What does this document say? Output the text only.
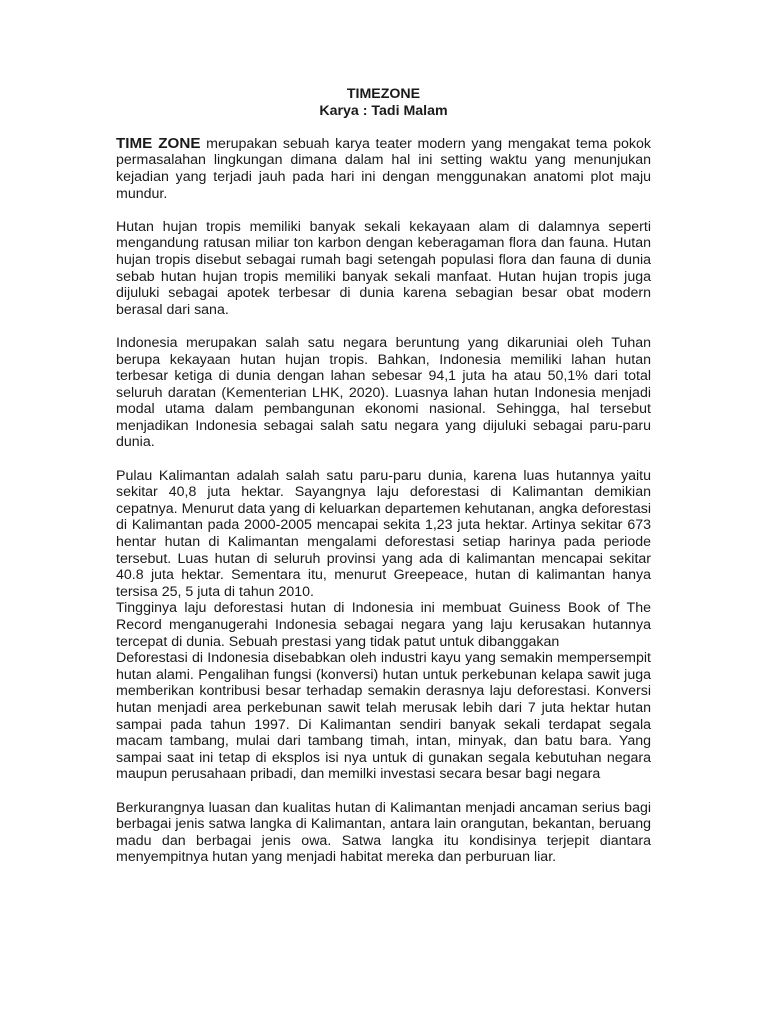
TIMEZONE

Karya : Tadi Malam

TIME ZONE merupakan sebuah karya teater modern yang mengakat tema pokok permasalahan lingkungan dimana dalam hal ini setting waktu yang menunjukan kejadian yang terjadi jauh pada hari ini dengan menggunakan anatomi plot maju mundur.

Hutan hujan tropis memiliki banyak sekali kekayaan alam di dalamnya seperti mengandung ratusan miliar ton karbon dengan keberagaman flora dan fauna. Hutan hujan tropis disebut sebagai rumah bagi setengah populasi flora dan fauna di dunia sebab hutan hujan tropis memiliki banyak sekali manfaat. Hutan hujan tropis juga dijuluki sebagai apotek terbesar di dunia karena sebagian besar obat modern berasal dari sana.

Indonesia merupakan salah satu negara beruntung yang dikaruniai oleh Tuhan berupa kekayaan hutan hujan tropis. Bahkan, Indonesia memiliki lahan hutan terbesar ketiga di dunia dengan lahan sebesar 94,1 juta ha atau 50,1% dari total seluruh daratan (Kementerian LHK, 2020). Luasnya lahan hutan Indonesia menjadi modal utama dalam pembangunan ekonomi nasional. Sehingga, hal tersebut menjadikan Indonesia sebagai salah satu negara yang dijuluki sebagai paru-paru dunia.

Pulau Kalimantan adalah salah satu paru-paru dunia, karena luas hutannya yaitu sekitar 40,8 juta hektar. Sayangnya laju deforestasi di Kalimantan demikian cepatnya. Menurut data yang di keluarkan departemen kehutanan, angka deforestasi di Kalimantan pada 2000-2005 mencapai sekita 1,23 juta hektar. Artinya sekitar 673 hentar hutan di Kalimantan mengalami deforestasi setiap harinya pada periode tersebut. Luas hutan di seluruh provinsi yang ada di kalimantan mencapai sekitar 40.8 juta hektar. Sementara itu, menurut Greepeace, hutan di kalimantan hanya tersisa 25, 5 juta di tahun 2010.

Tingginya laju deforestasi hutan di Indonesia ini membuat Guiness Book of The Record menganugerahi Indonesia sebagai negara yang laju kerusakan hutannya tercepat di dunia. Sebuah prestasi yang tidak patut untuk dibanggakan

Deforestasi di Indonesia disebabkan oleh industri kayu yang semakin mempersempit hutan alami. Pengalihan fungsi (konversi) hutan untuk perkebunan kelapa sawit juga memberikan kontribusi besar terhadap semakin derasnya laju deforestasi. Konversi hutan menjadi area perkebunan sawit telah merusak lebih dari 7 juta hektar hutan sampai pada tahun 1997. Di Kalimantan sendiri banyak sekali terdapat segala macam tambang, mulai dari tambang timah, intan, minyak, dan batu bara. Yang sampai saat ini tetap di eksplos isi nya untuk di gunakan segala kebutuhan negara maupun perusahaan pribadi, dan memilki investasi secara besar bagi negara

Berkurangnya luasan dan kualitas hutan di Kalimantan menjadi ancaman serius bagi berbagai jenis satwa langka di Kalimantan, antara lain orangutan, bekantan, beruang madu dan berbagai jenis owa. Satwa langka itu kondisinya terjepit diantara menyempitnya hutan yang menjadi habitat mereka dan perburuan liar.
